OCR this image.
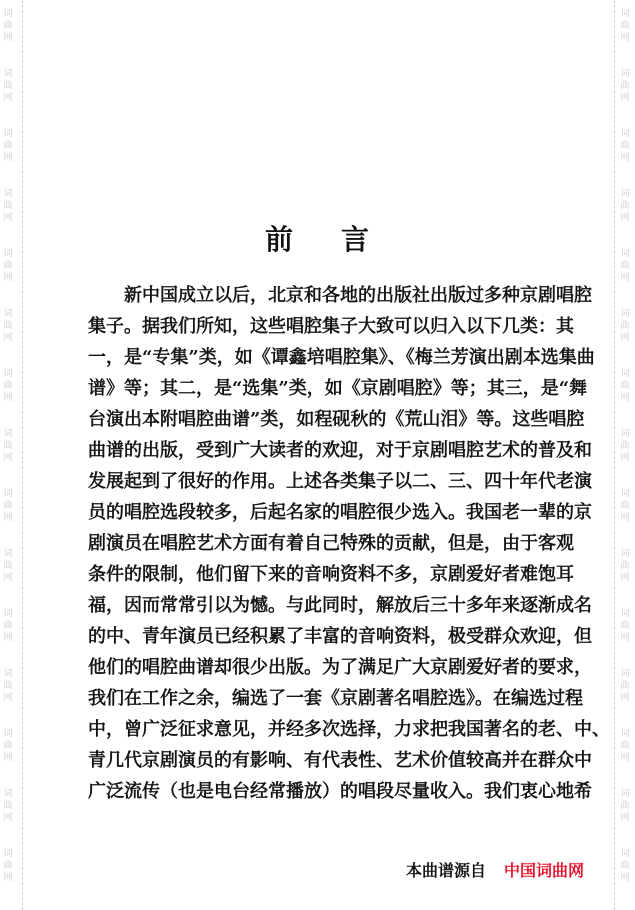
词曲网
词曲网
词曲网
词曲网
词曲网
词曲网
词曲网
词曲网
词曲网
词曲网
词曲网
词曲网
词曲网
词曲网
词曲网
词曲网
词曲网
词曲网
词曲网
词曲网
词曲网
词曲网
词曲网
词曲网
词曲网
词曲网
词曲网
词曲网
词曲网
词曲网
前言
新中国成立以后，北京和各地的出版社出版过多种京剧唱腔
集子。据我们所知，这些唱腔集子大致可以归入以下几类：其
一，是“专集”类，如《谭鑫培唱腔集》、《梅兰芳演出剧本选集曲
谱》等；其二，是“选集”类，如《京剧唱腔》等；其三，是“舞
台演出本附唱腔曲谱”类，如程砚秋的《荒山泪》等。这些唱腔
曲谱的出版，受到广大读者的欢迎，对于京剧唱腔艺术的普及和
发展起到了很好的作用。上述各类集子以二、三、四十年代老演
员的唱腔选段较多，后起名家的唱腔很少选入。我国老一辈的京
剧演员在唱腔艺术方面有着自己特殊的贡献，但是，由于客观
条件的限制，他们留下来的音响资料不多，京剧爱好者难饱耳
福，因而常常引以为憾。与此同时，解放后三十多年来逐渐成名
的中、青年演员已经积累了丰富的音响资料，极受群众欢迎，但
他们的唱腔曲谱却很少出版。为了满足广大京剧爱好者的要求，
我们在工作之余，编选了一套《京剧著名唱腔选》。在编选过程
中，曾广泛征求意见，并经多次选择，力求把我国著名的老、中、
青几代京剧演员的有影响、有代表性、艺术价值较高并在群众中
广泛流传（也是电台经常播放）的唱段尽量收入。我们衷心地希
本曲谱源自 中国词曲网
